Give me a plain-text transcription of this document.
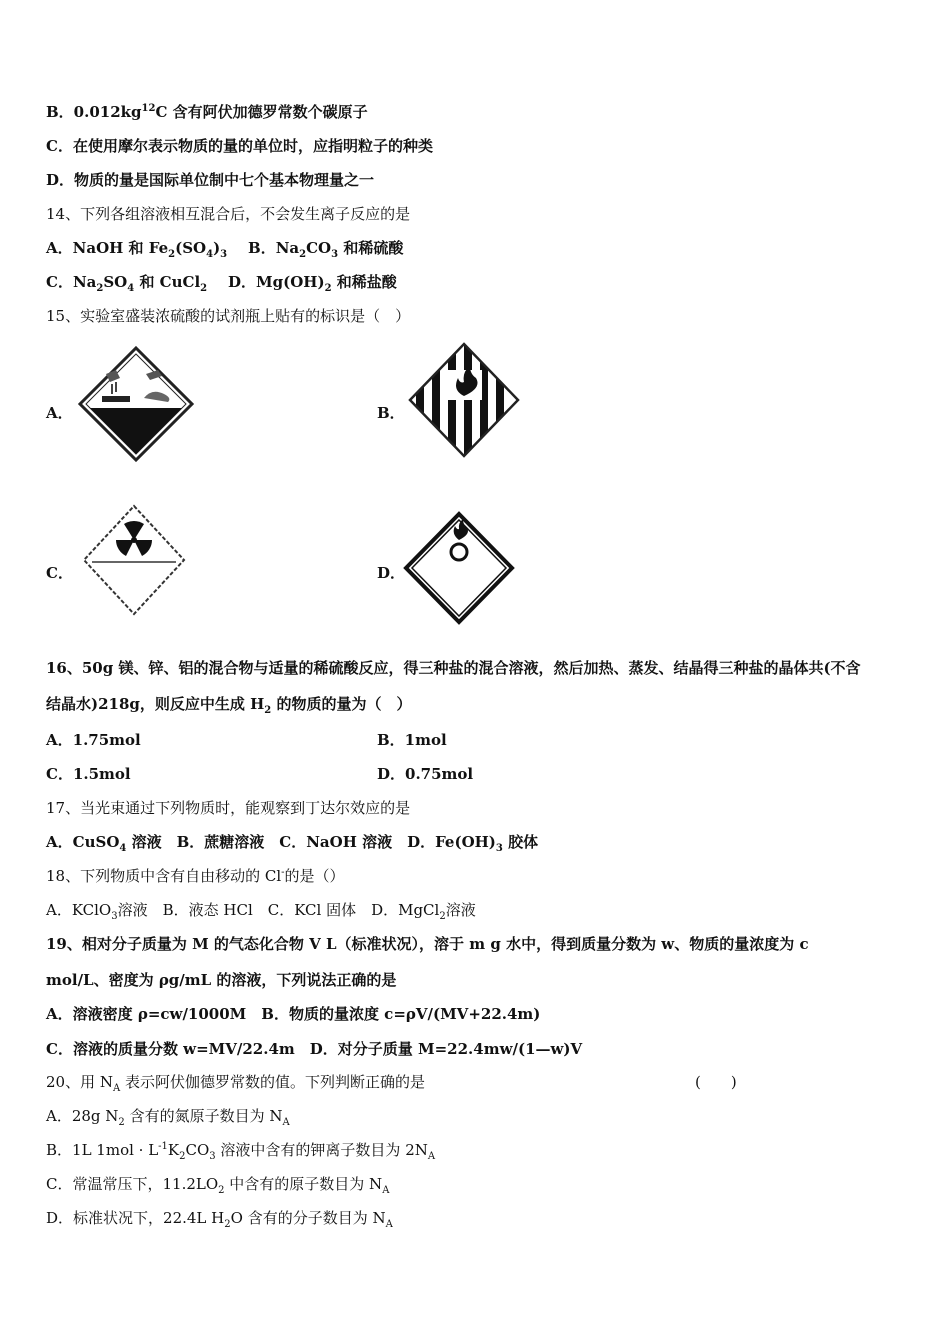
B．$0.012kg^{12}C$ 含有阿伏加德罗常数个碳原子
C．在使用摩尔表示物质的量的单位时，应指明粒子的种类
D．物质的量是国际单位制中七个基本物理量之一
14、下列各组溶液相互混合后，不会发生离子反应的是
A．NaOH 和 $Fe_2(SO_4)_3$ B．$Na_2CO_3$ 和稀硫酸
C．$Na_2SO_4$ 和 CuCl$_2$ D．$Mg(OH)_2$ 和稀盐酸
15、实验室盛装浓硫酸的试剂瓶上贴有的标识是（　）
A．	B．
C．	D．
16、50g 镁、锌、铝的混合物与适量的稀硫酸反应，得三种盐的混合溶液，然后加热、蒸发、结晶得三种盐的晶体共(不含
结晶水)218g，则反应中生成 $H_2$ 的物质的量为（　）
A．1.75mol	B．1mol
C．1.5mol	D．0.75mol
17、当光束通过下列物质时，能观察到丁达尔效应的是
A．CuSO$_4$ 溶液　B．蔗糖溶液　C．NaOH 溶液　D．$Fe(OH)_3$ 胶体
18、下列物质中含有自由移动的 Cl-的是（）
A．KClO$_3$溶液　B．液态 HCl　C．KCl 固体　D．MgCl$_2$溶液
19、相对分子质量为 M 的气态化合物 V L（标准状况），溶于 m g 水中，得到质量分数为 w、物质的量浓度为 c
mol/L、密度为 ρg/mL 的溶液，下列说法正确的是
A．溶液密度 ρ=cw/1000M　B．物质的量浓度 c=ρV/(MV+22.4m)
C．溶液的质量分数 w=MV/22.4m　D．对分子质量 M=22.4mw/(1—w)V
20、用 $N_A$ 表示阿伏伽德罗常数的值。下列判断正确的是	(　　)
A．28g $N_2$ 含有的氮原子数目为 $N_A$
B．1L $1mol \cdot L^{-1}K_2CO_3$ 溶液中含有的钾离子数目为 $2N_A$
C．常温常压下，$11.2LO_2$ 中含有的原子数目为 $N_A$
D．标准状况下，22.4L $H_2O$ 含有的分子数目为 $N_A$
